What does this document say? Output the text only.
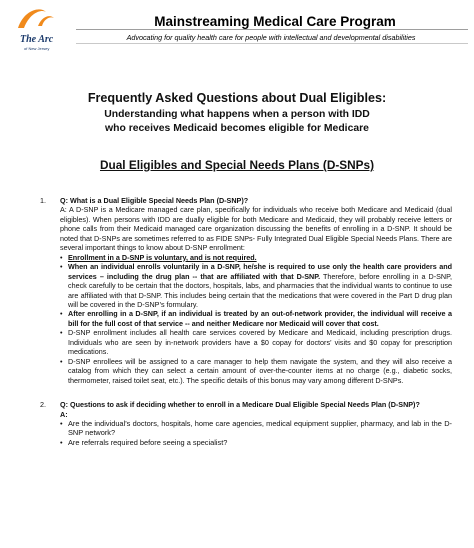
The Arc
of New Jersey
Mainstreaming Medical Care Program
Advocating for quality health care for people with intellectual and developmental disabilities
Frequently Asked Questions about Dual Eligibles:
Understanding what happens when a person with IDD
who receives Medicaid becomes eligible for Medicare
Dual Eligibles and Special Needs Plans (D-SNPs)
1. Q: What is a Dual Eligible Special Needs Plan (D-SNP)?
A: A D-SNP is a Medicare managed care plan, specifically for individuals who receive both Medicare and Medicaid (dual eligibles). When persons with IDD are dually eligible for both Medicare and Medicaid, they will probably receive letters or phone calls from their Medicaid managed care organization discussing the benefits of enrolling in a D-SNP. It should be noted that D-SNPs are sometimes referred to as FIDE SNPs- Fully Integrated Dual Eligible Special Needs Plans. There are several important things to know about D-SNP enrollment:
• Enrollment in a D-SNP is voluntary, and is not required.
• When an individual enrolls voluntarily in a D-SNP, he/she is required to use only the health care providers and services – including the drug plan -- that are affiliated with that D-SNP. Therefore, before enrolling in a D-SNP, check carefully to be certain that the doctors, hospitals, labs, and pharmacies that the individual wants to continue to use are affiliated with that D-SNP. This includes being certain that the medications that were covered in the Part D drug plan will be covered in the D-SNP’s formulary.
• After enrolling in a D-SNP, if an individual is treated by an out-of-network provider, the individual will receive a bill for the full cost of that service -- and neither Medicare nor Medicaid will cover that cost.
• D-SNP enrollment includes all health care services covered by Medicare and Medicaid, including prescription drugs. Individuals who are seen by in-network providers have a $0 copay for doctors’ visits and $0 copay for prescription medications.
• D-SNP enrollees will be assigned to a care manager to help them navigate the system, and they will also receive a catalog from which they can select a certain amount of over-the-counter items at no charge (e.g., diabetic socks, thermometer, raised toilet seat, etc.). The specific details of this bonus may vary among different D-SNPs.
2. Q: Questions to ask if deciding whether to enroll in a Medicare Dual Eligible Special Needs Plan (D-SNP)?
A:
• Are the individual’s doctors, hospitals, home care agencies, medical equipment supplier, pharmacy, and lab in the D-SNP network?
• Are referrals required before seeing a specialist?
